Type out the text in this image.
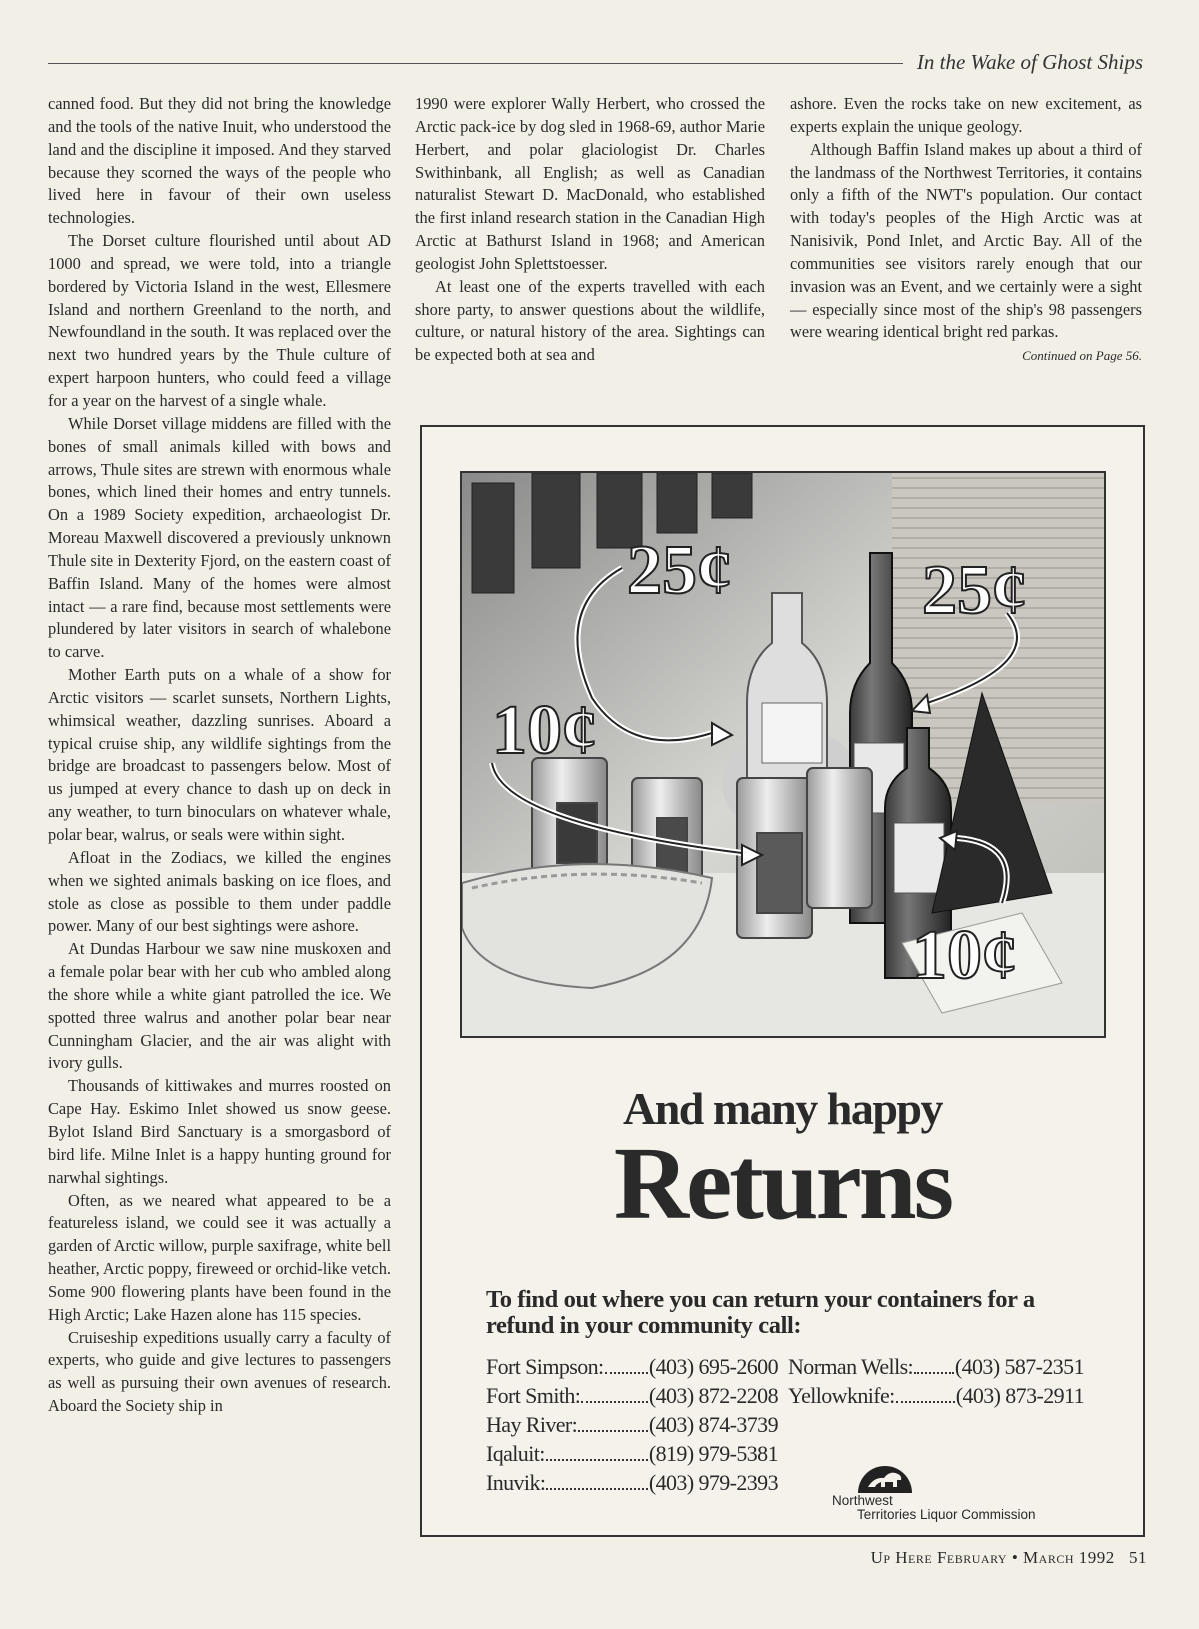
In the Wake of Ghost Ships

canned food. But they did not bring the knowledge and the tools of the native Inuit, who understood the land and the discipline it imposed. And they starved because they scorned the ways of the people who lived here in favour of their own useless technologies.

The Dorset culture flourished until about AD 1000 and spread, we were told, into a triangle bordered by Victoria Island in the west, Ellesmere Island and northern Greenland to the north, and Newfoundland in the south. It was replaced over the next two hundred years by the Thule culture of expert harpoon hunters, who could feed a village for a year on the harvest of a single whale.

While Dorset village middens are filled with the bones of small animals killed with bows and arrows, Thule sites are strewn with enormous whale bones, which lined their homes and entry tunnels. On a 1989 Society expedition, archaeologist Dr. Moreau Maxwell discovered a previously unknown Thule site in Dexterity Fjord, on the eastern coast of Baffin Island. Many of the homes were almost intact — a rare find, because most settlements were plundered by later visitors in search of whalebone to carve.

Mother Earth puts on a whale of a show for Arctic visitors — scarlet sunsets, Northern Lights, whimsical weather, dazzling sunrises. Aboard a typical cruise ship, any wildlife sightings from the bridge are broadcast to passengers below. Most of us jumped at every chance to dash up on deck in any weather, to turn binoculars on whatever whale, polar bear, walrus, or seals were within sight.

Afloat in the Zodiacs, we killed the engines when we sighted animals basking on ice floes, and stole as close as possible to them under paddle power. Many of our best sightings were ashore.

At Dundas Harbour we saw nine muskoxen and a female polar bear with her cub who ambled along the shore while a white giant patrolled the ice. We spotted three walrus and another polar bear near Cunningham Glacier, and the air was alight with ivory gulls.

Thousands of kittiwakes and murres roosted on Cape Hay. Eskimo Inlet showed us snow geese. Bylot Island Bird Sanctuary is a smorgasbord of bird life. Milne Inlet is a happy hunting ground for narwhal sightings.

Often, as we neared what appeared to be a featureless island, we could see it was actually a garden of Arctic willow, purple saxifrage, white bell heather, Arctic poppy, fireweed or orchid-like vetch. Some 900 flowering plants have been found in the High Arctic; Lake Hazen alone has 115 species.

Cruiseship expeditions usually carry a faculty of experts, who guide and give lectures to passengers as well as pursuing their own avenues of research. Aboard the Society ship in

1990 were explorer Wally Herbert, who crossed the Arctic pack-ice by dog sled in 1968-69, author Marie Herbert, and polar glaciologist Dr. Charles Swithinbank, all English; as well as Canadian naturalist Stewart D. MacDonald, who established the first inland research station in the Canadian High Arctic at Bathurst Island in 1968; and American geologist John Splettstoesser.

At least one of the experts travelled with each shore party, to answer questions about the wildlife, culture, or natural history of the area. Sightings can be expected both at sea and

ashore. Even the rocks take on new excitement, as experts explain the unique geology.

Although Baffin Island makes up about a third of the landmass of the Northwest Territories, it contains only a fifth of the NWT's population. Our contact with today's peoples of the High Arctic was at Nanisivik, Pond Inlet, and Arctic Bay. All of the communities see visitors rarely enough that our invasion was an Event, and we certainly were a sight — especially since most of the ship's 98 passengers were wearing identical bright red parkas.

Continued on Page 56.
25¢	25¢
10¢
10¢
And many happy
Returns
To find out where you can return your containers for a refund in your community call:
Fort Simpson: (403) 695-2600
Fort Smith:	(403) 872-2208
Hay River:	(403) 874-3739
Iqaluit:	(819) 979-5381
Inuvik:	(403) 979-2393
Norman Wells: (403) 587-2351
Yellowknife:	(403) 873-2911
Northwest
Territories Liquor Commission
Up Here February • March 1992 51
